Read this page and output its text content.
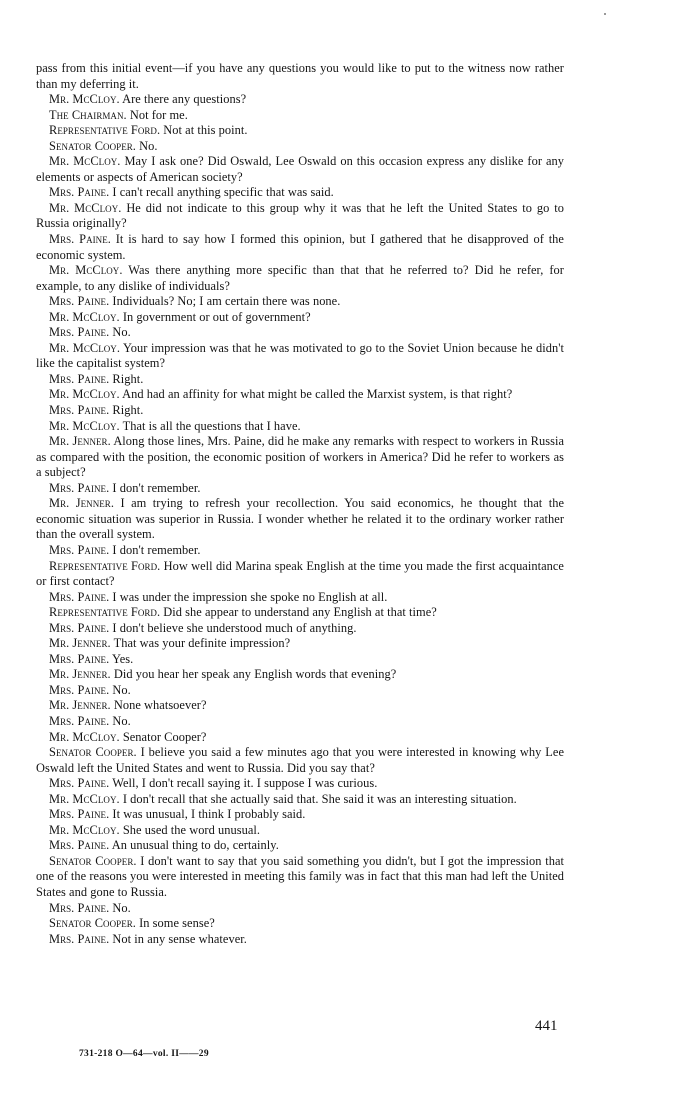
pass from this initial event—if you have any questions you would like to put to the witness now rather than my deferring it.

Mr. McCloy. Are there any questions?

The Chairman. Not for me.

Representative Ford. Not at this point.

Senator Cooper. No.

Mr. McCloy. May I ask one? Did Oswald, Lee Oswald on this occasion express any dislike for any elements or aspects of American society?

Mrs. Paine. I can't recall anything specific that was said.

Mr. McCloy. He did not indicate to this group why it was that he left the United States to go to Russia originally?

Mrs. Paine. It is hard to say how I formed this opinion, but I gathered that he disapproved of the economic system.

Mr. McCloy. Was there anything more specific than that that he referred to? Did he refer, for example, to any dislike of individuals?

Mrs. Paine. Individuals? No; I am certain there was none.

Mr. McCloy. In government or out of government?

Mrs. Paine. No.

Mr. McCloy. Your impression was that he was motivated to go to the Soviet Union because he didn't like the capitalist system?

Mrs. Paine. Right.

Mr. McCloy. And had an affinity for what might be called the Marxist system, is that right?

Mrs. Paine. Right.

Mr. McCloy. That is all the questions that I have.

Mr. Jenner. Along those lines, Mrs. Paine, did he make any remarks with respect to workers in Russia as compared with the position, the economic position of workers in America? Did he refer to workers as a subject?

Mrs. Paine. I don't remember.

Mr. Jenner. I am trying to refresh your recollection. You said economics, he thought that the economic situation was superior in Russia. I wonder whether he related it to the ordinary worker rather than the overall system.

Mrs. Paine. I don't remember.

Representative Ford. How well did Marina speak English at the time you made the first acquaintance or first contact?

Mrs. Paine. I was under the impression she spoke no English at all.

Representative Ford. Did she appear to understand any English at that time?

Mrs. Paine. I don't believe she understood much of anything.

Mr. Jenner. That was your definite impression?

Mrs. Paine. Yes.

Mr. Jenner. Did you hear her speak any English words that evening?

Mrs. Paine. No.

Mr. Jenner. None whatsoever?

Mrs. Paine. No.

Mr. McCloy. Senator Cooper?

Senator Cooper. I believe you said a few minutes ago that you were interested in knowing why Lee Oswald left the United States and went to Russia. Did you say that?

Mrs. Paine. Well, I don't recall saying it. I suppose I was curious.

Mr. McCloy. I don't recall that she actually said that. She said it was an interesting situation.

Mrs. Paine. It was unusual, I think I probably said.

Mr. McCloy. She used the word unusual.

Mrs. Paine. An unusual thing to do, certainly.

Senator Cooper. I don't want to say that you said something you didn't, but I got the impression that one of the reasons you were interested in meeting this family was in fact that this man had left the United States and gone to Russia.

Mrs. Paine. No.

Senator Cooper. In some sense?

Mrs. Paine. Not in any sense whatever.

441
731-218 O—64—vol. II——29
